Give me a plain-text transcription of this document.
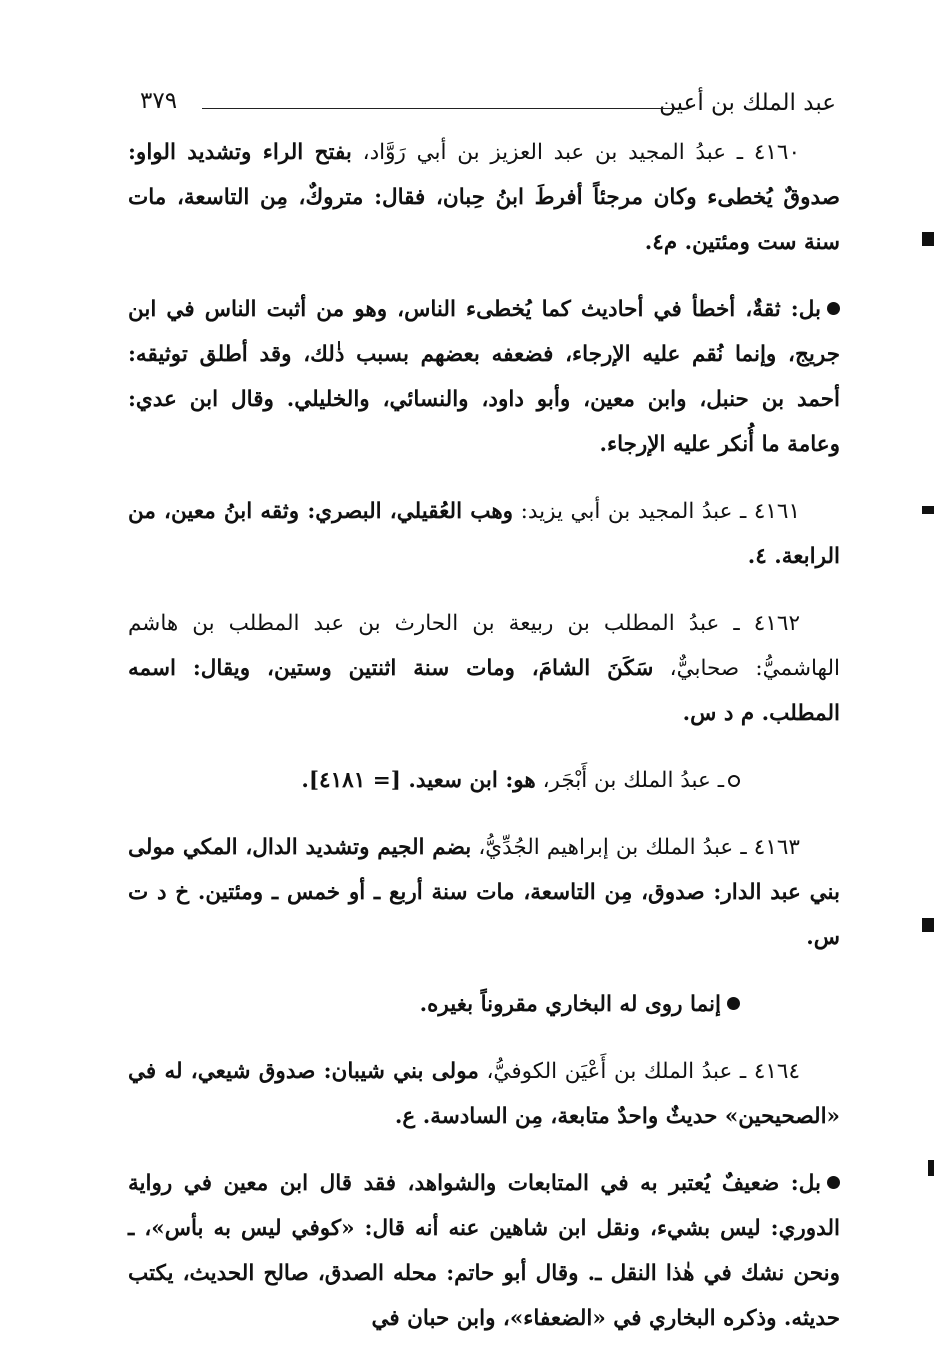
عبد الملك بن أعين
٣٧٩

٤١٦٠ ـ عبدُ المجيد بن عبد العزيز بن أبي رَوَّاد، بفتح الراء وتشديد الواو: صدوقٌ يُخطىء وكان مرجئاً أفرطَ ابنُ حِبان، فقال: متروكٌ، مِن التاسعة، مات سنة ست ومئتين. م٤.

بل: ثقةٌ، أخطأ في أحاديث كما يُخطىء الناس، وهو من أثبت الناس في ابن جريج، وإنما نُقم عليه الإرجاء، فضعفه بعضهم بسبب ذٰلك، وقد أطلق توثيقه: أحمد بن حنبل، وابن معين، وأبو داود، والنسائي، والخليلي. وقال ابن عدي: وعامة ما أُنكر عليه الإرجاء.

٤١٦١ ـ عبدُ المجيد بن أبي يزيد: وهب العُقيلي، البصري: وثقه ابنُ معين، من الرابعة. ٤.

٤١٦٢ ـ عبدُ المطلب بن ربيعة بن الحارث بن عبد المطلب بن هاشم الهاشميُّ: صحابيٌّ، سَكَنَ الشامَ، ومات سنة اثنتين وستين، ويقال: اسمه المطلب. م د س.

ـ عبدُ الملك بن أَبْجَر، هو: ابن سعيد. [= ٤١٨١].

٤١٦٣ ـ عبدُ الملك بن إبراهيم الجُدِّيُّ، بضم الجيم وتشديد الدال، المكي مولى بني عبد الدار: صدوق، مِن التاسعة، مات سنة أربع ـ أو خمس ـ ومئتين. خ د ت س.

إنما روى له البخاري مقروناً بغيره.

٤١٦٤ ـ عبدُ الملك بن أَعْيَن الكوفيُّ، مولى بني شيبان: صدوق شيعي، له في «الصحيحين» حديثٌ واحدٌ متابعة، مِن السادسة. ع.

بل: ضعيفٌ يُعتبر به في المتابعات والشواهد، فقد قال ابن معين في رواية الدوري: ليس بشيء، ونقل ابن شاهين عنه أنه قال: «كوفي ليس به بأس»، ـ ونحن نشك في هٰذا النقل ـ. وقال أبو حاتم: محله الصدق، صالح الحديث، يكتب حديثه. وذكره البخاري في «الضعفاء»، وابن حبان في
